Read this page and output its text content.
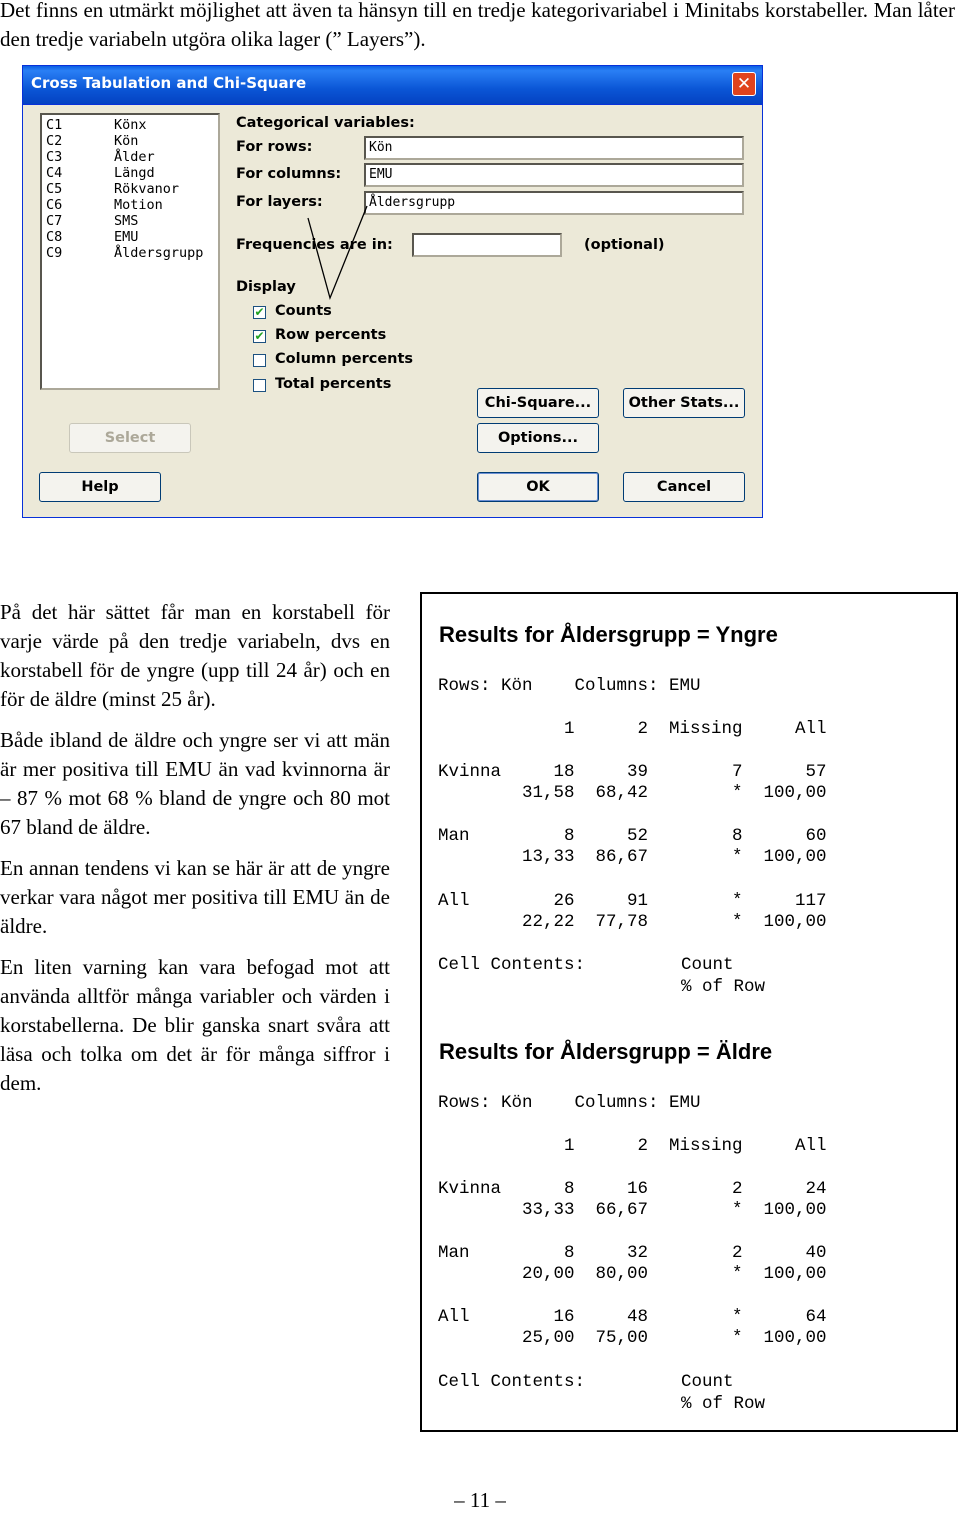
Det finns en utmärkt möjlighet att även ta hänsyn till en tredje kategorivariabel i Minitabs korstabeller. Man låter den tredje variabeln utgöra olika lager (” Layers”).

Cross Tabulation and Chi-Square	✕
C1	Könx
C2	Kön
C3	Ålder
C4	Längd
C5	Rökvanor
C6	Motion
C7	SMS
C8	EMU
C9	Åldersgrupp
Categorical variables:
For rows:	Kön
For columns:	EMU
For layers:	Åldersgrupp
Frequencies are in:	(optional)
Display
✔ Counts
✔ Row percents
Column percents
Total percents
Chi-Square...	Other Stats...
Select	Options...
Help	OK	Cancel

På det här sättet får man en korstabell för varje värde på den tredje variabeln, dvs en korstabell för de yngre (upp till 24 år) och en för de äldre (minst 25 år).

Både ibland de äldre och yngre ser vi att män är mer positiva till EMU än vad kvinnorna är – 87 % mot 68 % bland de yngre och 80 mot 67 bland de äldre.

En annan tendens vi kan se här är att de yngre verkar vara något mer positiva till EMU än de äldre.

En liten varning kan vara befogad mot att använda alltför många variabler och värden i korstabellerna. De blir ganska snart svåra att läsa och tolka om det är för många siffror i dem.

Results for Åldersgrupp = Yngre
Rows: Kön    Columns: EMU
1      2  Missing     All
Kvinna     18     39        7      57
31,58  68,42        *  100,00
Man         8     52        8      60
13,33  86,67        *  100,00
All        26     91        *     117
22,22  77,78        *  100,00
Cell Contents:	Count
% of Row
Results for Åldersgrupp = Äldre
Rows: Kön    Columns: EMU
1      2  Missing     All
Kvinna      8     16        2      24
33,33  66,67        *  100,00
Man         8     32        2      40
20,00  80,00        *  100,00
All        16     48        *      64
25,00  75,00        *  100,00
Cell Contents:	Count
% of Row
– 11 –
